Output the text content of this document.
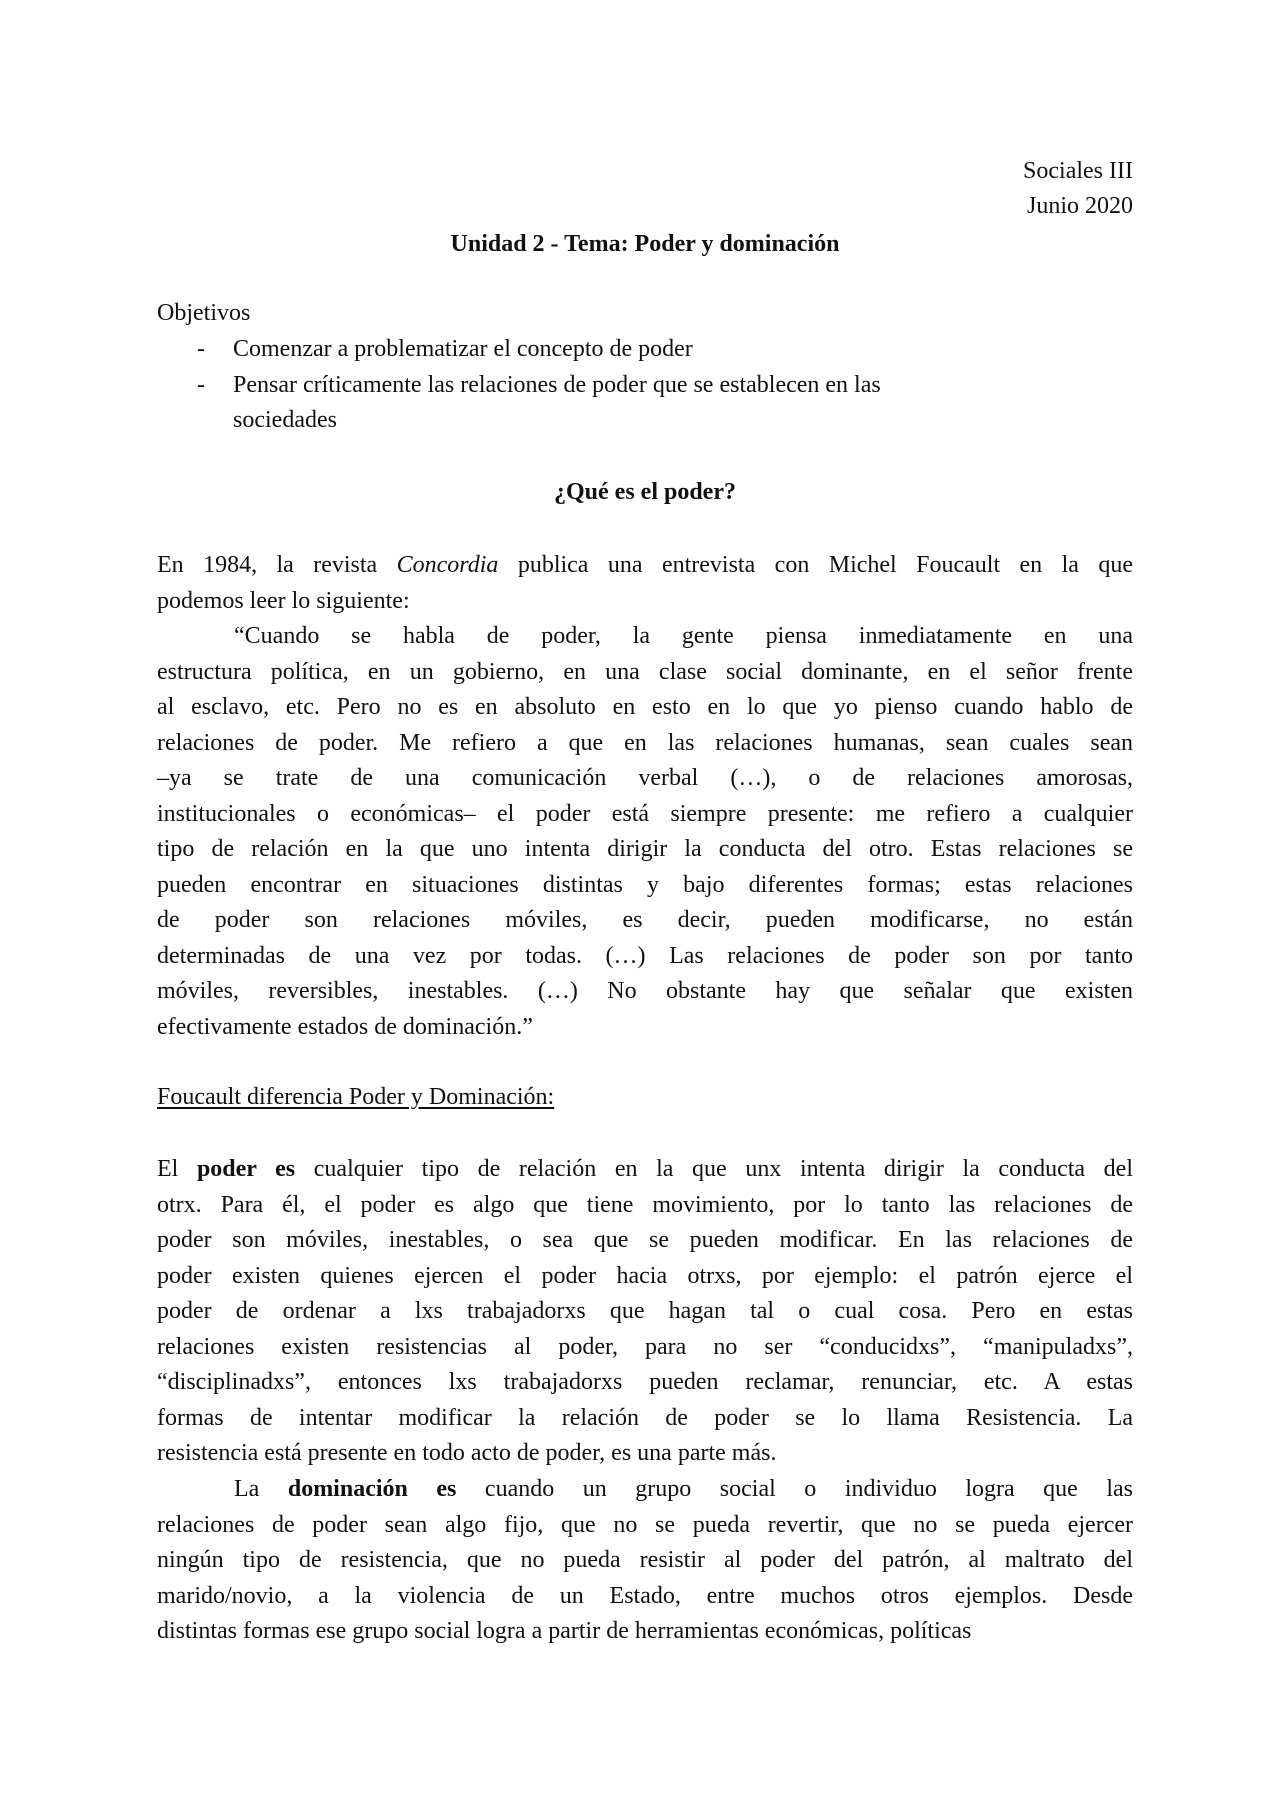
Sociales III
Junio 2020
Unidad 2 - Tema: Poder y dominación
Objetivos
- Comenzar a problematizar el concepto de poder
- Pensar críticamente las relaciones de poder que se establecen en las
sociedades
¿Qué es el poder?
En 1984, la revista Concordia publica una entrevista con Michel Foucault en la que
podemos leer lo siguiente:
“Cuando se habla de poder, la gente piensa inmediatamente en una
estructura política, en un gobierno, en una clase social dominante, en el señor frente
al esclavo, etc. Pero no es en absoluto en esto en lo que yo pienso cuando hablo de
relaciones de poder. Me refiero a que en las relaciones humanas, sean cuales sean
–ya se trate de una comunicación verbal (…), o de relaciones amorosas,
institucionales o económicas– el poder está siempre presente: me refiero a cualquier
tipo de relación en la que uno intenta dirigir la conducta del otro. Estas relaciones se
pueden encontrar en situaciones distintas y bajo diferentes formas; estas relaciones
de poder son relaciones móviles, es decir, pueden modificarse, no están
determinadas de una vez por todas. (…) Las relaciones de poder son por tanto
móviles, reversibles, inestables. (…) No obstante hay que señalar que existen
efectivamente estados de dominación.”
Foucault diferencia Poder y Dominación:
El poder es cualquier tipo de relación en la que unx intenta dirigir la conducta del
otrx. Para él, el poder es algo que tiene movimiento, por lo tanto las relaciones de
poder son móviles, inestables, o sea que se pueden modificar. En las relaciones de
poder existen quienes ejercen el poder hacia otrxs, por ejemplo: el patrón ejerce el
poder de ordenar a lxs trabajadorxs que hagan tal o cual cosa. Pero en estas
relaciones existen resistencias al poder, para no ser “conducidxs”, “manipuladxs”,
“disciplinadxs”, entonces lxs trabajadorxs pueden reclamar, renunciar, etc. A estas
formas de intentar modificar la relación de poder se lo llama Resistencia. La
resistencia está presente en todo acto de poder, es una parte más.
La dominación es cuando un grupo social o individuo logra que las
relaciones de poder sean algo fijo, que no se pueda revertir, que no se pueda ejercer
ningún tipo de resistencia, que no pueda resistir al poder del patrón, al maltrato del
marido/novio, a la violencia de un Estado, entre muchos otros ejemplos. Desde
distintas formas ese grupo social logra a partir de herramientas económicas, políticas
